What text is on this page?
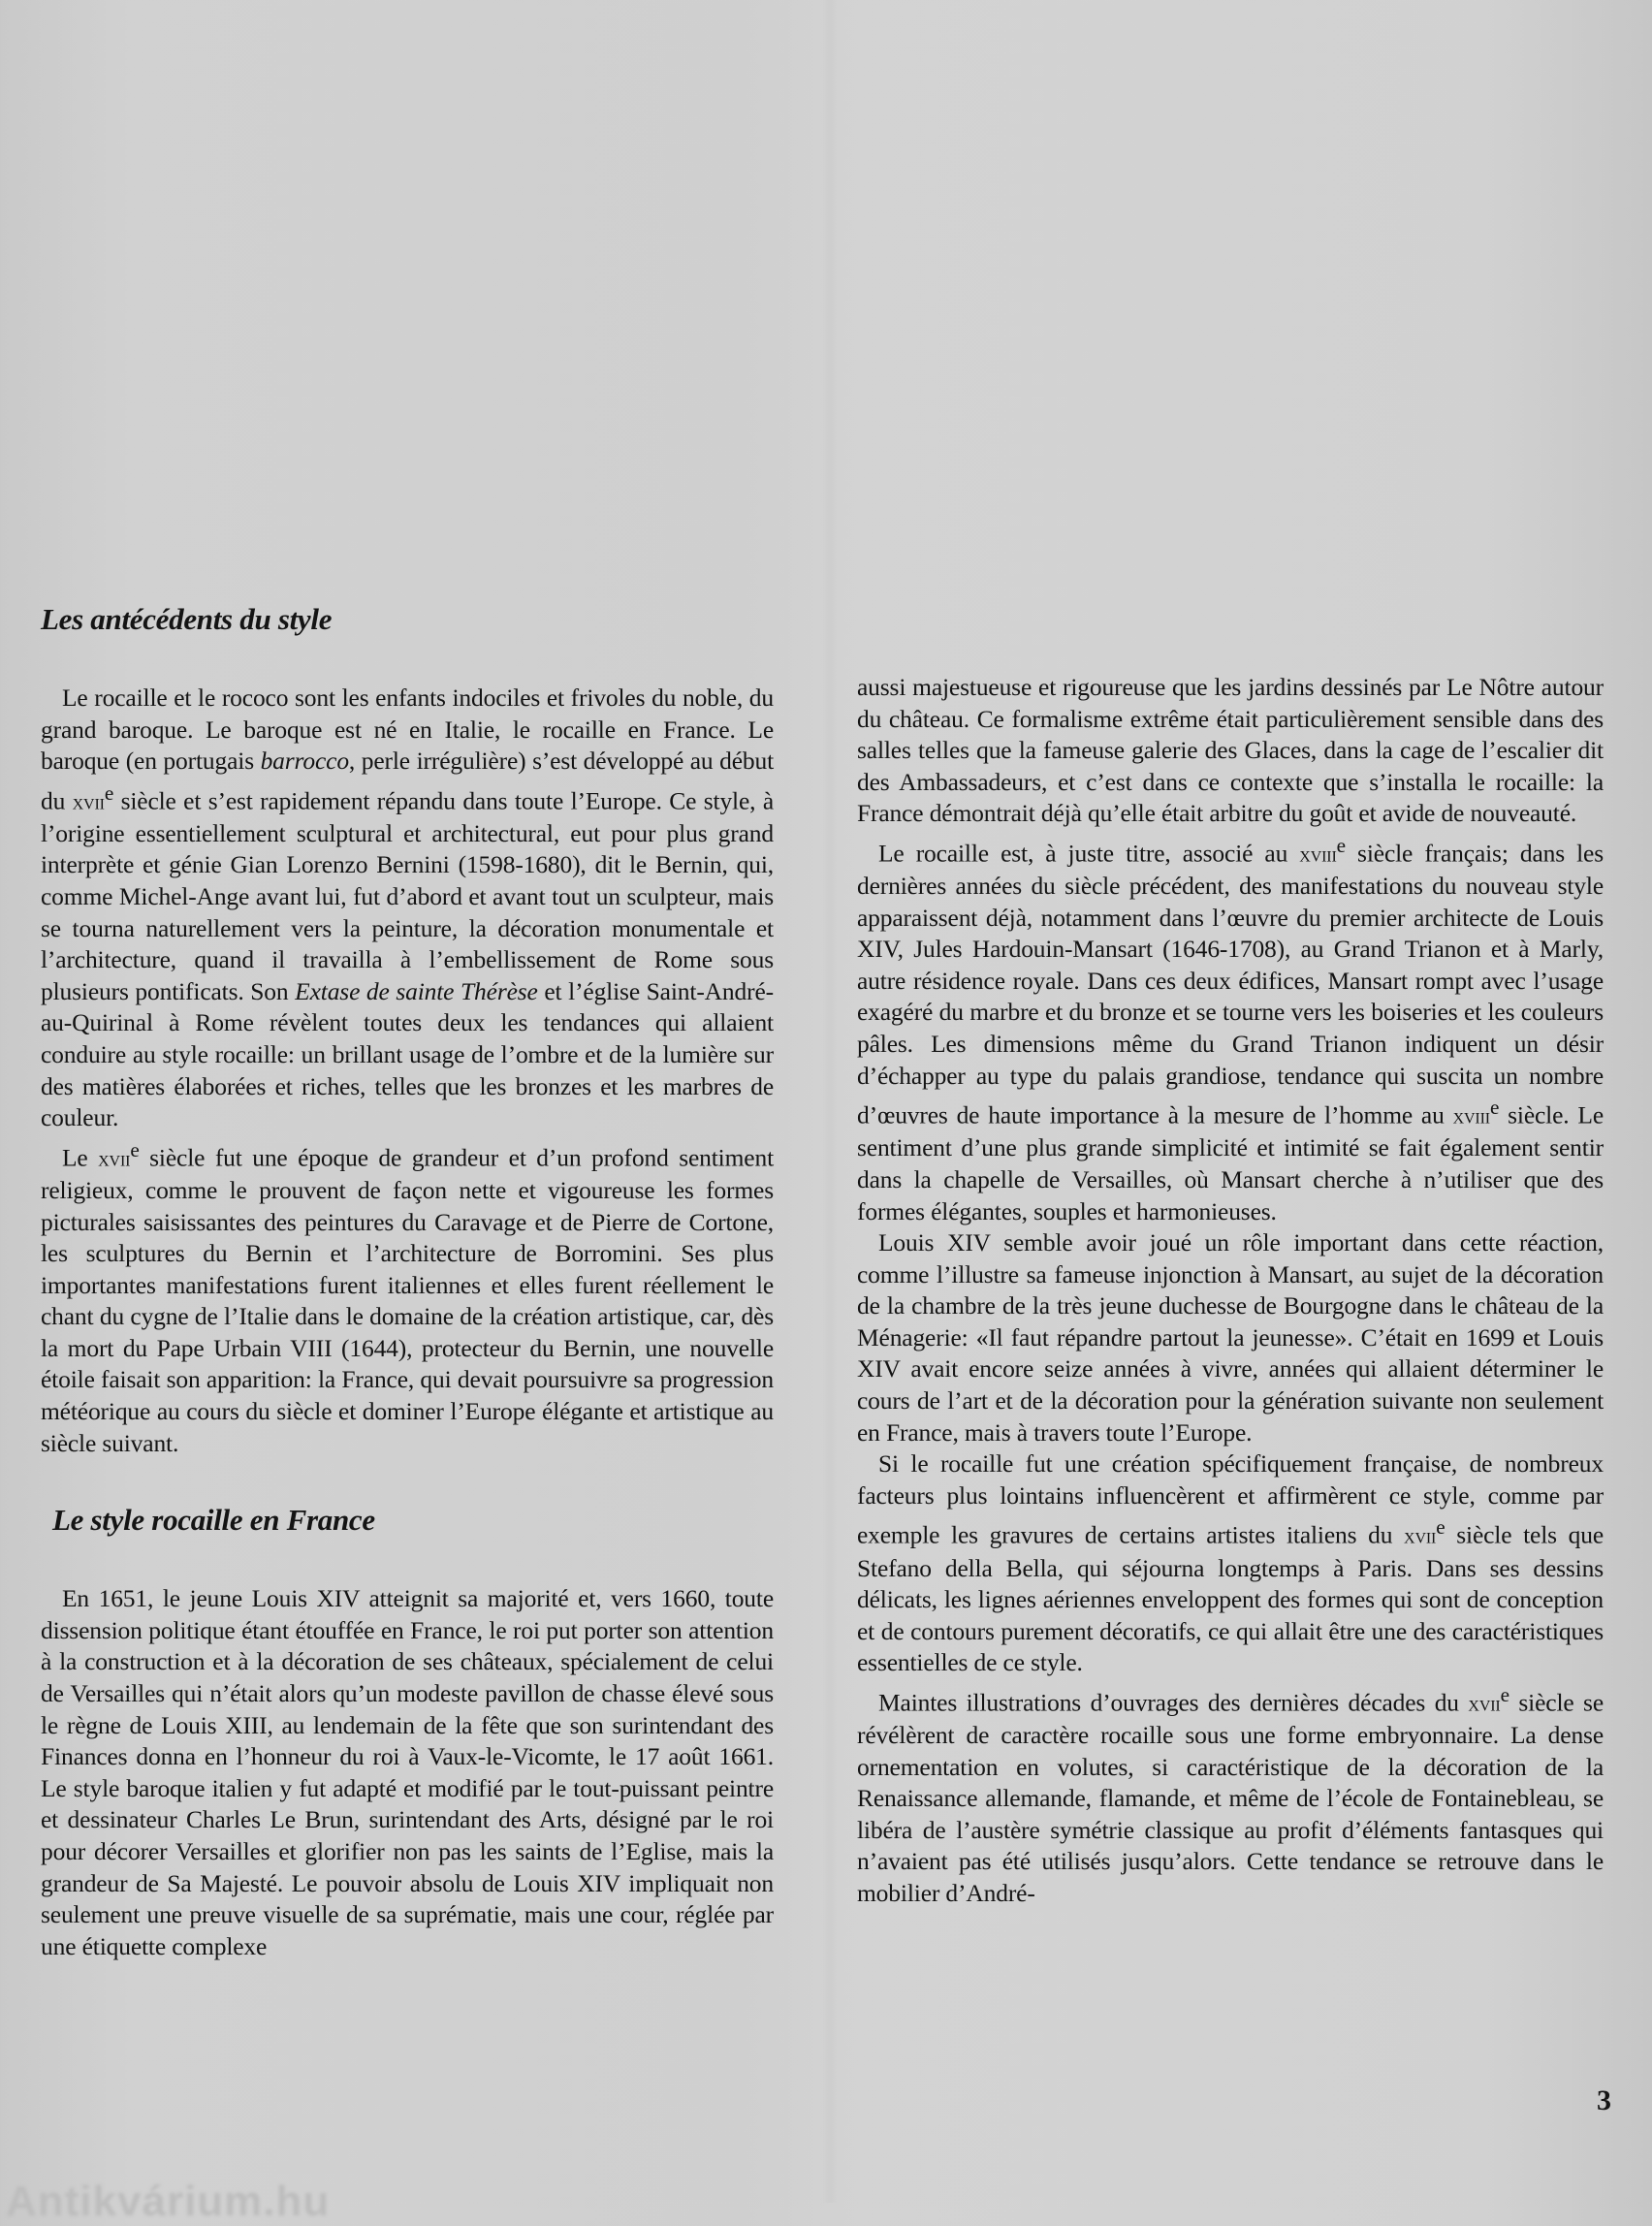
Les antécédents du style

Le rocaille et le rococo sont les enfants indociles et frivoles du noble, du grand baroque. Le baroque est né en Italie, le rocaille en France. Le baroque (en portugais barrocco, perle irrégulière) s’est développé au début du xvii$^e$ siècle et s’est rapidement répandu dans toute l’Europe. Ce style, à l’origine essentiellement sculptural et architectural, eut pour plus grand interprète et génie Gian Lorenzo Bernini (1598-1680), dit le Bernin, qui, comme Michel-Ange avant lui, fut d’abord et avant tout un sculpteur, mais se tourna naturellement vers la peinture, la décoration monumentale et l’architecture, quand il travailla à l’embellissement de Rome sous plusieurs pontificats. Son Extase de sainte Thérèse et l’église Saint-André-au-Quirinal à Rome révèlent toutes deux les tendances qui allaient conduire au style rocaille: un brillant usage de l’ombre et de la lumière sur des matières élaborées et riches, telles que les bronzes et les marbres de couleur.

Le xvii$^e$ siècle fut une époque de grandeur et d’un profond sentiment religieux, comme le prouvent de façon nette et vigoureuse les formes picturales saisissantes des peintures du Caravage et de Pierre de Cortone, les sculptures du Bernin et l’architecture de Borromini. Ses plus importantes manifestations furent italiennes et elles furent réellement le chant du cygne de l’Italie dans le domaine de la création artistique, car, dès la mort du Pape Urbain VIII (1644), protecteur du Bernin, une nouvelle étoile faisait son apparition: la France, qui devait poursuivre sa progression météorique au cours du siècle et dominer l’Europe élégante et artistique au siècle suivant.

Le style rocaille en France

En 1651, le jeune Louis XIV atteignit sa majorité et, vers 1660, toute dissension politique étant étouffée en France, le roi put porter son attention à la construction et à la décoration de ses châteaux, spécialement de celui de Versailles qui n’était alors qu’un modeste pavillon de chasse élevé sous le règne de Louis XIII, au lendemain de la fête que son surintendant des Finances donna en l’honneur du roi à Vaux-le-Vicomte, le 17 août 1661. Le style baroque italien y fut adapté et modifié par le tout-puissant peintre et dessinateur Charles Le Brun, surintendant des Arts, désigné par le roi pour décorer Versailles et glorifier non pas les saints de l’Eglise, mais la grandeur de Sa Majesté. Le pouvoir absolu de Louis XIV impliquait non seulement une preuve visuelle de sa suprématie, mais une cour, réglée par une étiquette complexe

aussi majestueuse et rigoureuse que les jardins dessinés par Le Nôtre autour du château. Ce formalisme extrême était particulièrement sensible dans des salles telles que la fameuse galerie des Glaces, dans la cage de l’escalier dit des Ambassadeurs, et c’est dans ce contexte que s’installa le rocaille: la France démontrait déjà qu’elle était arbitre du goût et avide de nouveauté.

Le rocaille est, à juste titre, associé au xviii$^e$ siècle français; dans les dernières années du siècle précédent, des manifestations du nouveau style apparaissent déjà, notamment dans l’œuvre du premier architecte de Louis XIV, Jules Hardouin-Mansart (1646-1708), au Grand Trianon et à Marly, autre résidence royale. Dans ces deux édifices, Mansart rompt avec l’usage exagéré du marbre et du bronze et se tourne vers les boiseries et les couleurs pâles. Les dimensions même du Grand Trianon indiquent un désir d’échapper au type du palais grandiose, tendance qui suscita un nombre d’œuvres de haute importance à la mesure de l’homme au xviii$^e$ siècle. Le sentiment d’une plus grande simplicité et intimité se fait également sentir dans la chapelle de Versailles, où Mansart cherche à n’utiliser que des formes élégantes, souples et harmonieuses.

Louis XIV semble avoir joué un rôle important dans cette réaction, comme l’illustre sa fameuse injonction à Mansart, au sujet de la décoration de la chambre de la très jeune duchesse de Bourgogne dans le château de la Ménagerie: «Il faut répandre partout la jeunesse». C’était en 1699 et Louis XIV avait encore seize années à vivre, années qui allaient déterminer le cours de l’art et de la décoration pour la génération suivante non seulement en France, mais à travers toute l’Europe.

Si le rocaille fut une création spécifiquement française, de nombreux facteurs plus lointains influencèrent et affirmèrent ce style, comme par exemple les gravures de certains artistes italiens du xvii$^e$ siècle tels que Stefano della Bella, qui séjourna longtemps à Paris. Dans ses dessins délicats, les lignes aériennes enveloppent des formes qui sont de conception et de contours purement décoratifs, ce qui allait être une des caractéristiques essentielles de ce style.

Maintes illustrations d’ouvrages des dernières décades du xvii$^e$ siècle se révélèrent de caractère rocaille sous une forme embryonnaire. La dense ornementation en volutes, si caractéristique de la décoration de la Renaissance allemande, flamande, et même de l’école de Fontainebleau, se libéra de l’austère symétrie classique au profit d’éléments fantasques qui n’avaient pas été utilisés jusqu’alors. Cette tendance se retrouve dans le mobilier d’André-

3
Antikvárium.hu
